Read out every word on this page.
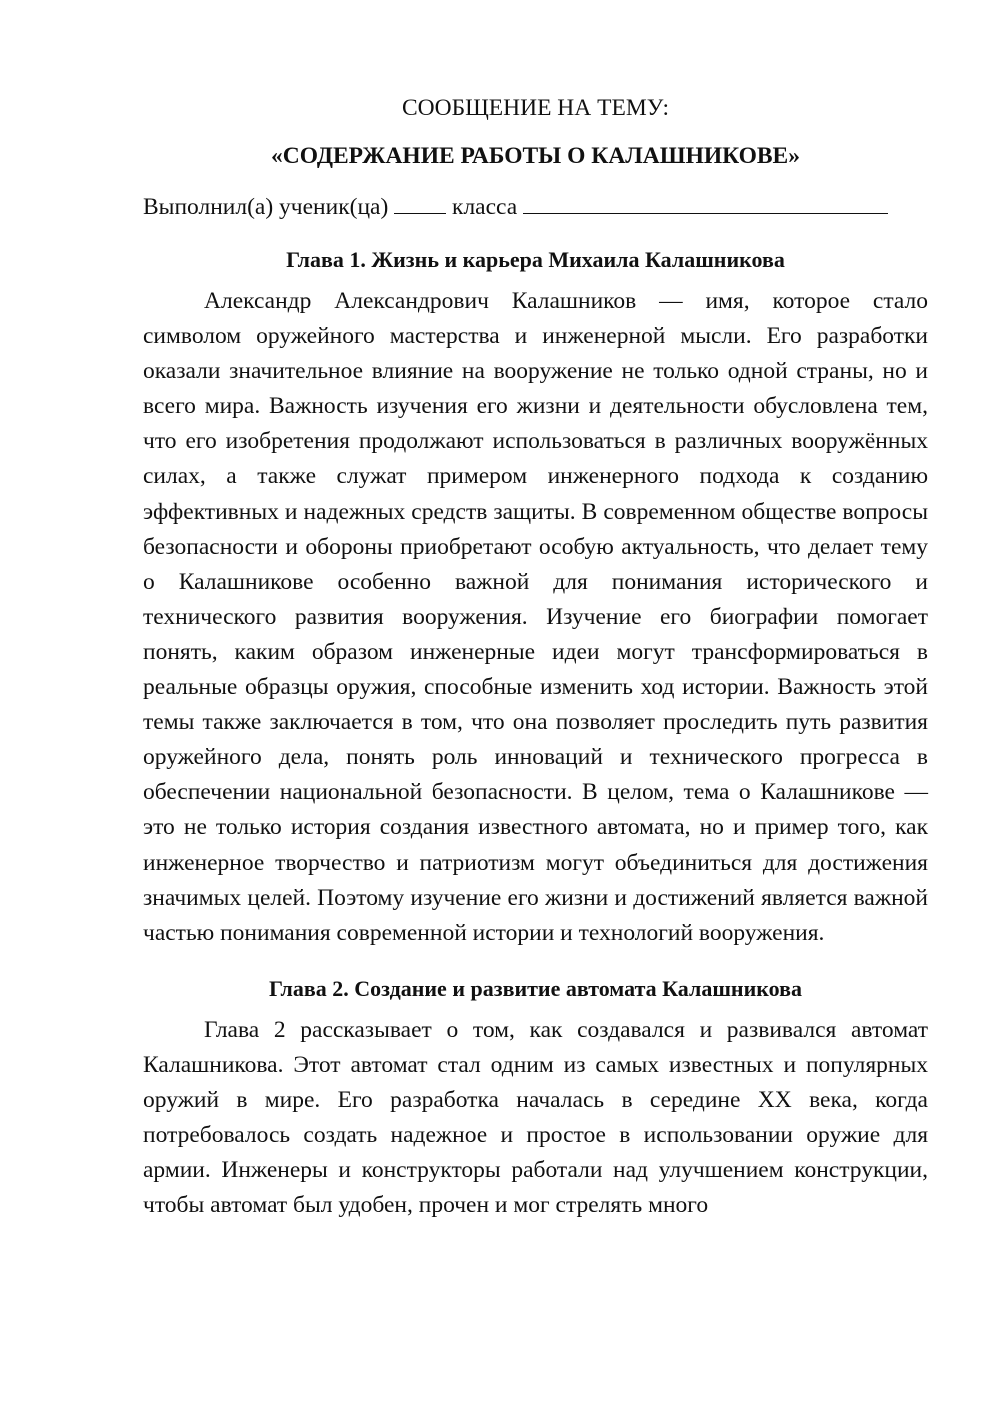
СООБЩЕНИЕ НА ТЕМУ:
«СОДЕРЖАНИЕ РАБОТЫ О КАЛАШНИКОВЕ»

Выполнил(а) ученик(ца)	класса

Глава 1. Жизнь и карьера Михаила Калашникова

Александр Александрович Калашников — имя, которое стало символом оружейного мастерства и инженерной мысли. Его разработки оказали значительное влияние на вооружение не только одной страны, но и всего мира. Важность изучения его жизни и деятельности обусловлена тем, что его изобретения продолжают использоваться в различных вооружённых силах, а также служат примером инженерного подхода к созданию эффективных и надежных средств защиты. В современном обществе вопросы безопасности и обороны приобретают особую актуальность, что делает тему о Калашникове особенно важной для понимания исторического и технического развития вооружения. Изучение его биографии помогает понять, каким образом инженерные идеи могут трансформироваться в реальные образцы оружия, способные изменить ход истории. Важность этой темы также заключается в том, что она позволяет проследить путь развития оружейного дела, понять роль инноваций и технического прогресса в обеспечении национальной безопасности. В целом, тема о Калашникове — это не только история создания известного автомата, но и пример того, как инженерное творчество и патриотизм могут объединиться для достижения значимых целей. Поэтому изучение его жизни и достижений является важной частью понимания современной истории и технологий вооружения.

Глава 2. Создание и развитие автомата Калашникова

Глава 2 рассказывает о том, как создавался и развивался автомат Калашникова. Этот автомат стал одним из самых известных и популярных оружий в мире. Его разработка началась в середине XX века, когда потребовалось создать надежное и простое в использовании оружие для армии. Инженеры и конструкторы работали над улучшением конструкции, чтобы автомат был удобен, прочен и мог стрелять много
